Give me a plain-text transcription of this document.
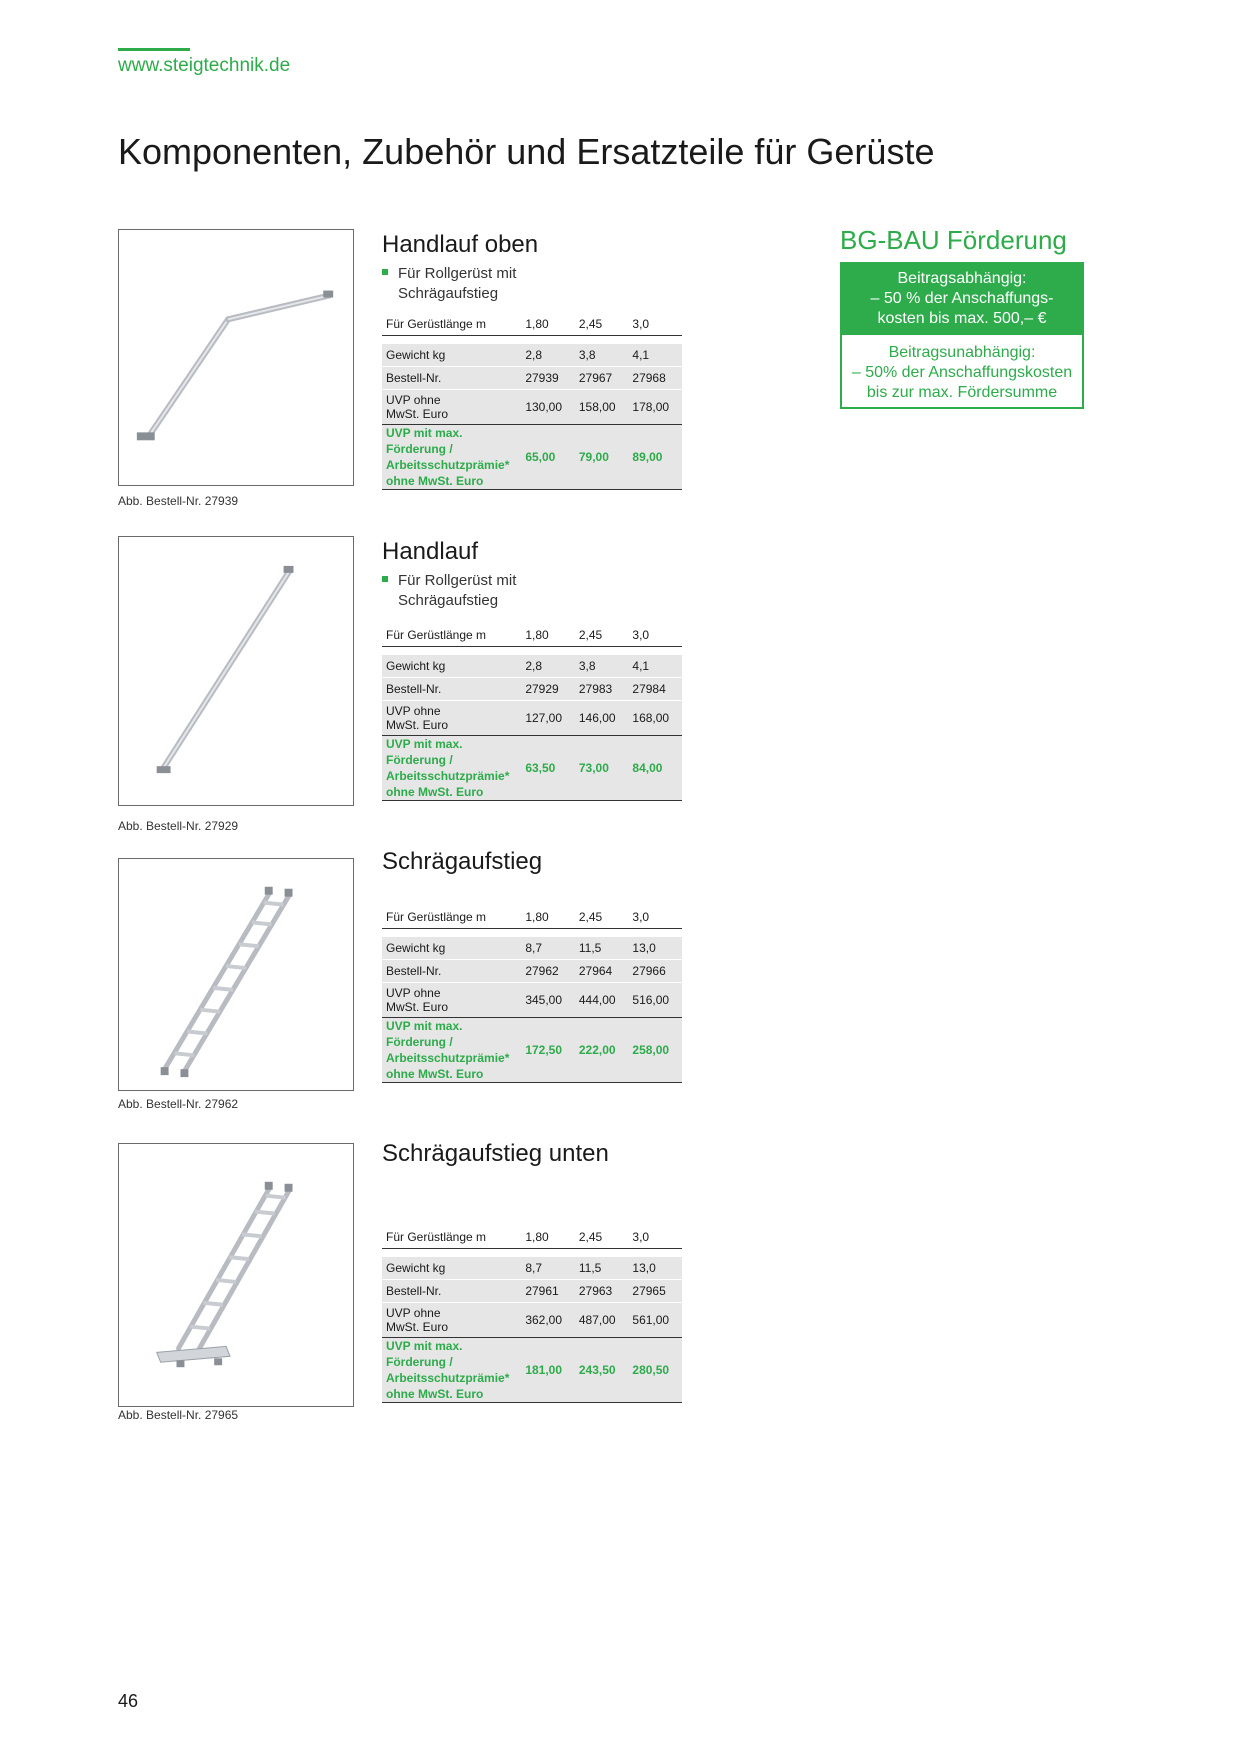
www.steigtechnik.de
Komponenten, Zubehör und Ersatzteile für Gerüste
BG-BAU Förderung
Beitragsabhängig:
– 50 % der Anschaffungs-
kosten bis max. 500,– €
Beitragsunabhängig:
– 50% der Anschaffungskosten
bis zur max. Fördersumme
Abb. Bestell-Nr. 27939
Handlauf oben
Für Rollgerüst mit
Schrägaufstieg
Für Gerüstlänge m	1,80	2,45	3,0

Gewicht kg	2,8	3,8	4,1
Bestell-Nr.	27939	27967	27968
UVP ohne
MwSt. Euro	130,00	158,00	178,00
UVP mit max.
Förderung /
Arbeitsschutzprämie*
ohne MwSt. Euro	65,00	79,00	89,00
Abb. Bestell-Nr. 27929
Handlauf
Für Rollgerüst mit
Schrägaufstieg
Für Gerüstlänge m	1,80	2,45	3,0

Gewicht kg	2,8	3,8	4,1
Bestell-Nr.	27929	27983	27984
UVP ohne
MwSt. Euro	127,00	146,00	168,00
UVP mit max.
Förderung /
Arbeitsschutzprämie*
ohne MwSt. Euro	63,50	73,00	84,00
Abb. Bestell-Nr. 27962
Schrägaufstieg
Für Gerüstlänge m	1,80	2,45	3,0

Gewicht kg	8,7	11,5	13,0
Bestell-Nr.	27962	27964	27966
UVP ohne
MwSt. Euro	345,00	444,00	516,00
UVP mit max.
Förderung /
Arbeitsschutzprämie*
ohne MwSt. Euro	172,50	222,00	258,00
Abb. Bestell-Nr. 27965
Schrägaufstieg unten
Für Gerüstlänge m	1,80	2,45	3,0

Gewicht kg	8,7	11,5	13,0
Bestell-Nr.	27961	27963	27965
UVP ohne
MwSt. Euro	362,00	487,00	561,00
UVP mit max.
Förderung /
Arbeitsschutzprämie*
ohne MwSt. Euro	181,00	243,50	280,50
46
